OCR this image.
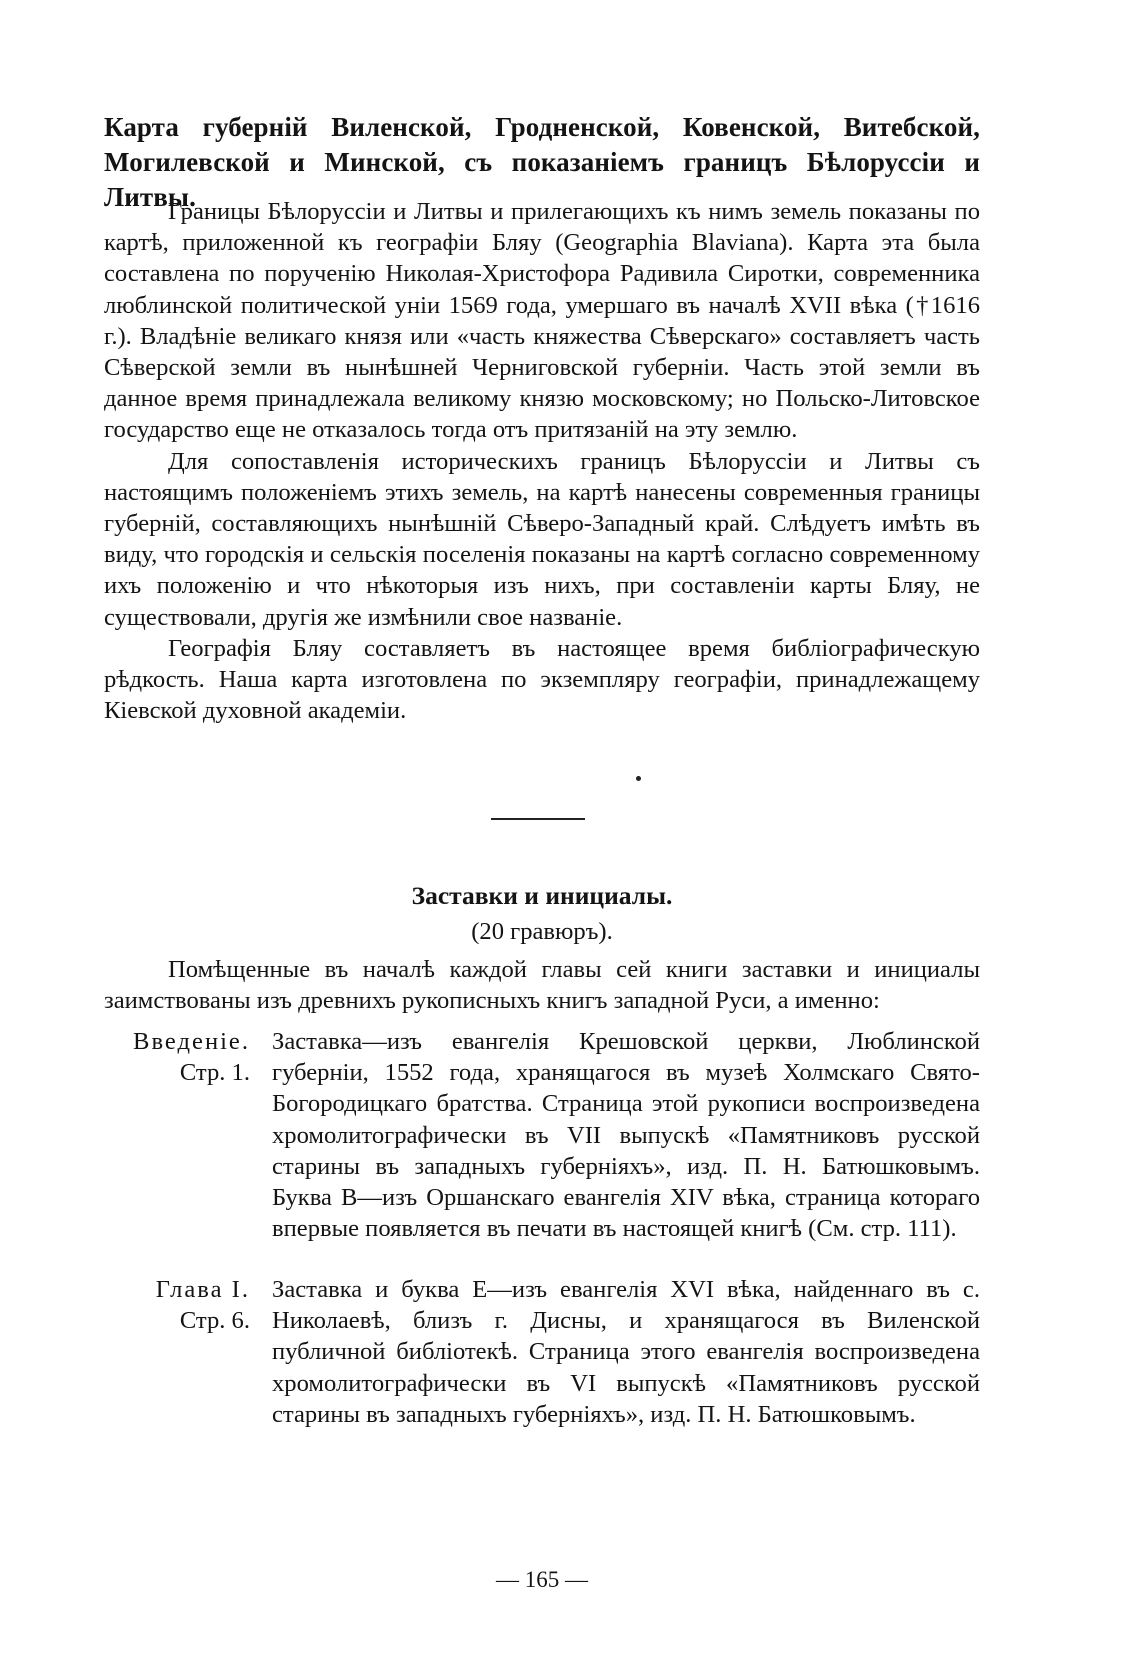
Карта губерній Виленской, Гродненской, Ковенской, Витебской, Могилевской и Минской, съ показаніемъ границъ Бѣлоруссіи и Литвы.

Границы Бѣлоруссіи и Литвы и прилегающихъ къ нимъ земель показаны по картѣ, приложенной къ географіи Бляу (Geographia Blaviana). Карта эта была составлена по порученію Николая-Христофора Радивила Сиротки, современника люблинской политической уніи 1569 года, умершаго въ началѣ XVII вѣка (†1616 г.). Владѣніе великаго князя или «часть княжества Сѣверскаго» составляетъ часть Сѣверской земли въ нынѣшней Черниговской губерніи. Часть этой земли въ данное время принадлежала великому князю московскому; но Польско-Литовское государство еще не отказалось тогда отъ притязаній на эту землю.

Для сопоставленія историческихъ границъ Бѣлоруссіи и Литвы съ настоящимъ положеніемъ этихъ земель, на картѣ нанесены современныя границы губерній, составляющихъ нынѣшній Сѣверо-Западный край. Слѣдуетъ имѣть въ виду, что городскія и сельскія поселенія показаны на картѣ согласно современному ихъ положенію и что нѣкоторыя изъ нихъ, при составленіи карты Бляу, не существовали, другія же измѣнили свое названіе.

Географія Бляу составляетъ въ настоящее время библіографическую рѣдкость. Наша карта изготовлена по экземпляру географіи, принадлежащему Кіевской духовной академіи.

Заставки и инициалы.
(20 гравюръ).

Помѣщенные въ началѣ каждой главы сей книги заставки и инициалы заимствованы изъ древнихъ рукописныхъ книгъ западной Руси, а именно:

Введеніе.
Стр. 1.
Заставка—изъ евангелія Крешовской церкви, Люблинской губерніи, 1552 года, хранящагося въ музеѣ Холмскаго Свято-Богородицкаго братства. Страница этой рукописи воспроизведена хромолитографически въ VII выпускѣ «Памятниковъ русской старины въ западныхъ губерніяхъ», изд. П. Н. Батюшковымъ. Буква В—изъ Оршанскаго евангелія XIV вѣка, страница котораго впервые появляется въ печати въ настоящей книгѣ (См. стр. 111).
Глава I.
Стр. 6.
Заставка и буква Е—изъ евангелія XVI вѣка, найденнаго въ с. Николаевѣ, близъ г. Дисны, и хранящагося въ Виленской публичной библіотекѣ. Страница этого евангелія воспроизведена хромолитографически въ VI выпускѣ «Памятниковъ русской старины въ западныхъ губерніяхъ», изд. П. Н. Батюшковымъ.
— 165 —
